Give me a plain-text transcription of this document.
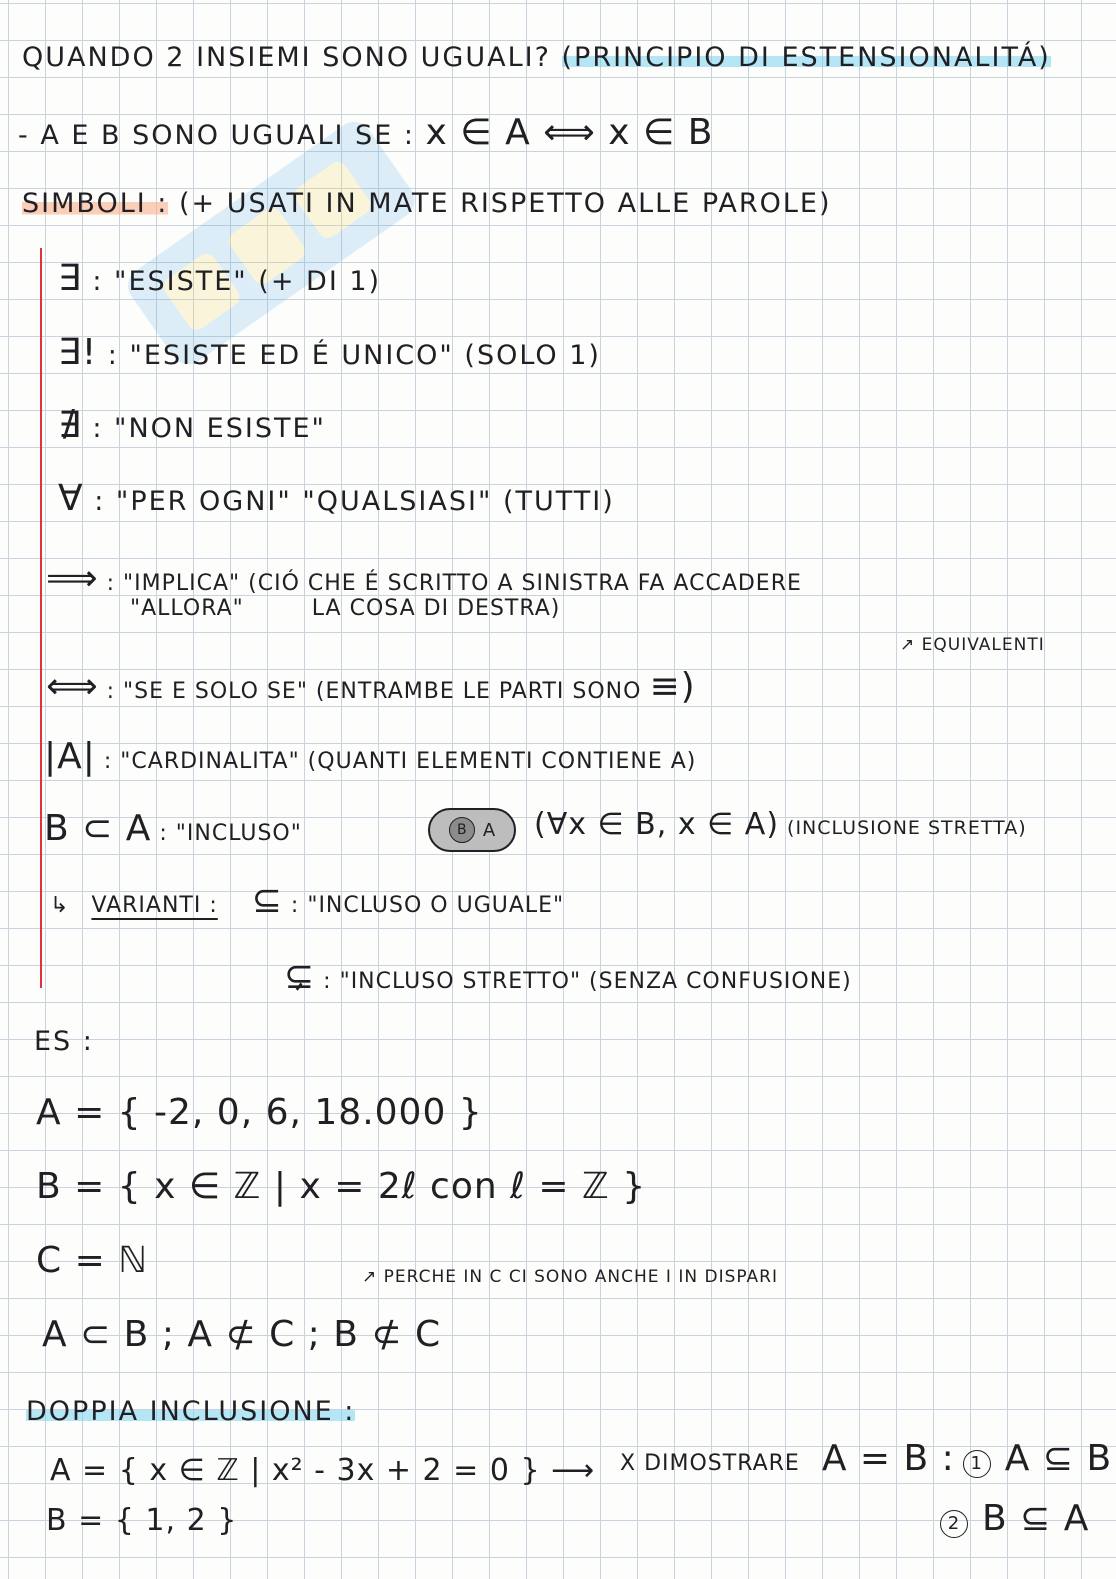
QUANDO 2 INSIEMI SONO UGUALI? (PRINCIPIO DI ESTENSIONALITÁ)
- A E B SONO UGUALI SE : x ∈ A ⟺ x ∈ B
SIMBOLI : (+ USATI IN MATE RISPETTO ALLE PAROLE)
∃ : "ESISTE" (+ DI 1)
∃! : "ESISTE ED É UNICO" (SOLO 1)
∄ : "NON ESISTE"
∀ : "PER OGNI" "QUALSIASI" (TUTTI)
⟹ : "IMPLICA" (CIÓ CHE É SCRITTO A SINISTRA FA ACCADERE
"ALLORA"	LA COSA DI DESTRA)
↗ EQUIVALENTI
⟺ : "SE E SOLO SE" (ENTRAMBE LE PARTI SONO ≡)
|A| : "CARDINALITA" (QUANTI ELEMENTI CONTIENE A)
B ⊂ A : "INCLUSO"	B A (∀x ∈ B, x ∈ A) (INCLUSIONE STRETTA)
↳ VARIANTI : ⊆ : "INCLUSO O UGUALE"
⊊ : "INCLUSO STRETTO" (SENZA CONFUSIONE)
ES :
A = { -2, 0, 6, 18.000 }
B = { x ∈ ℤ | x = 2ℓ con ℓ = ℤ }
C = ℕ	↗ PERCHE IN C CI SONO ANCHE I IN DISPARI
A ⊂ B ; A ⊄ C ; B ⊄ C
DOPPIA INCLUSIONE :
A = { x ∈ ℤ | x² - 3x + 2 = 0 } ⟶
B = { 1, 2 }
X DIMOSTRARE A = B : 1 A ⊆ B
2 B ⊆ A
